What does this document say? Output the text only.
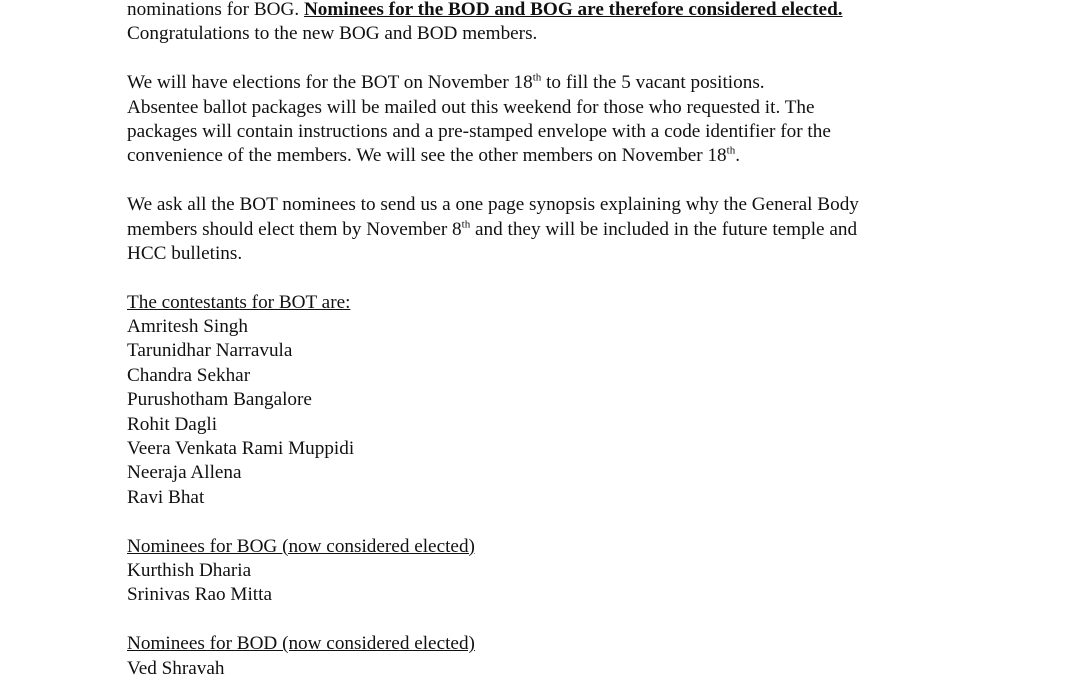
nominations for BOG. Nominees for the BOD and BOG are therefore considered elected.
Congratulations to the new BOG and BOD members.
We will have elections for the BOT on November 18th to fill the 5 vacant positions.
Absentee ballot packages will be mailed out this weekend for those who requested it. The
packages will contain instructions and a pre-stamped envelope with a code identifier for the
convenience of the members. We will see the other members on November 18th.
We ask all the BOT nominees to send us a one page synopsis explaining why the General Body
members should elect them by November 8th and they will be included in the future temple and
HCC bulletins.
The contestants for BOT are:
Amritesh Singh
Tarunidhar Narravula
Chandra Sekhar
Purushotham Bangalore
Rohit Dagli
Veera Venkata Rami Muppidi
Neeraja Allena
Ravi Bhat
Nominees for BOG (now considered elected)
Kurthish Dharia
Srinivas Rao Mitta
Nominees for BOD (now considered elected)
Ved Shravah
